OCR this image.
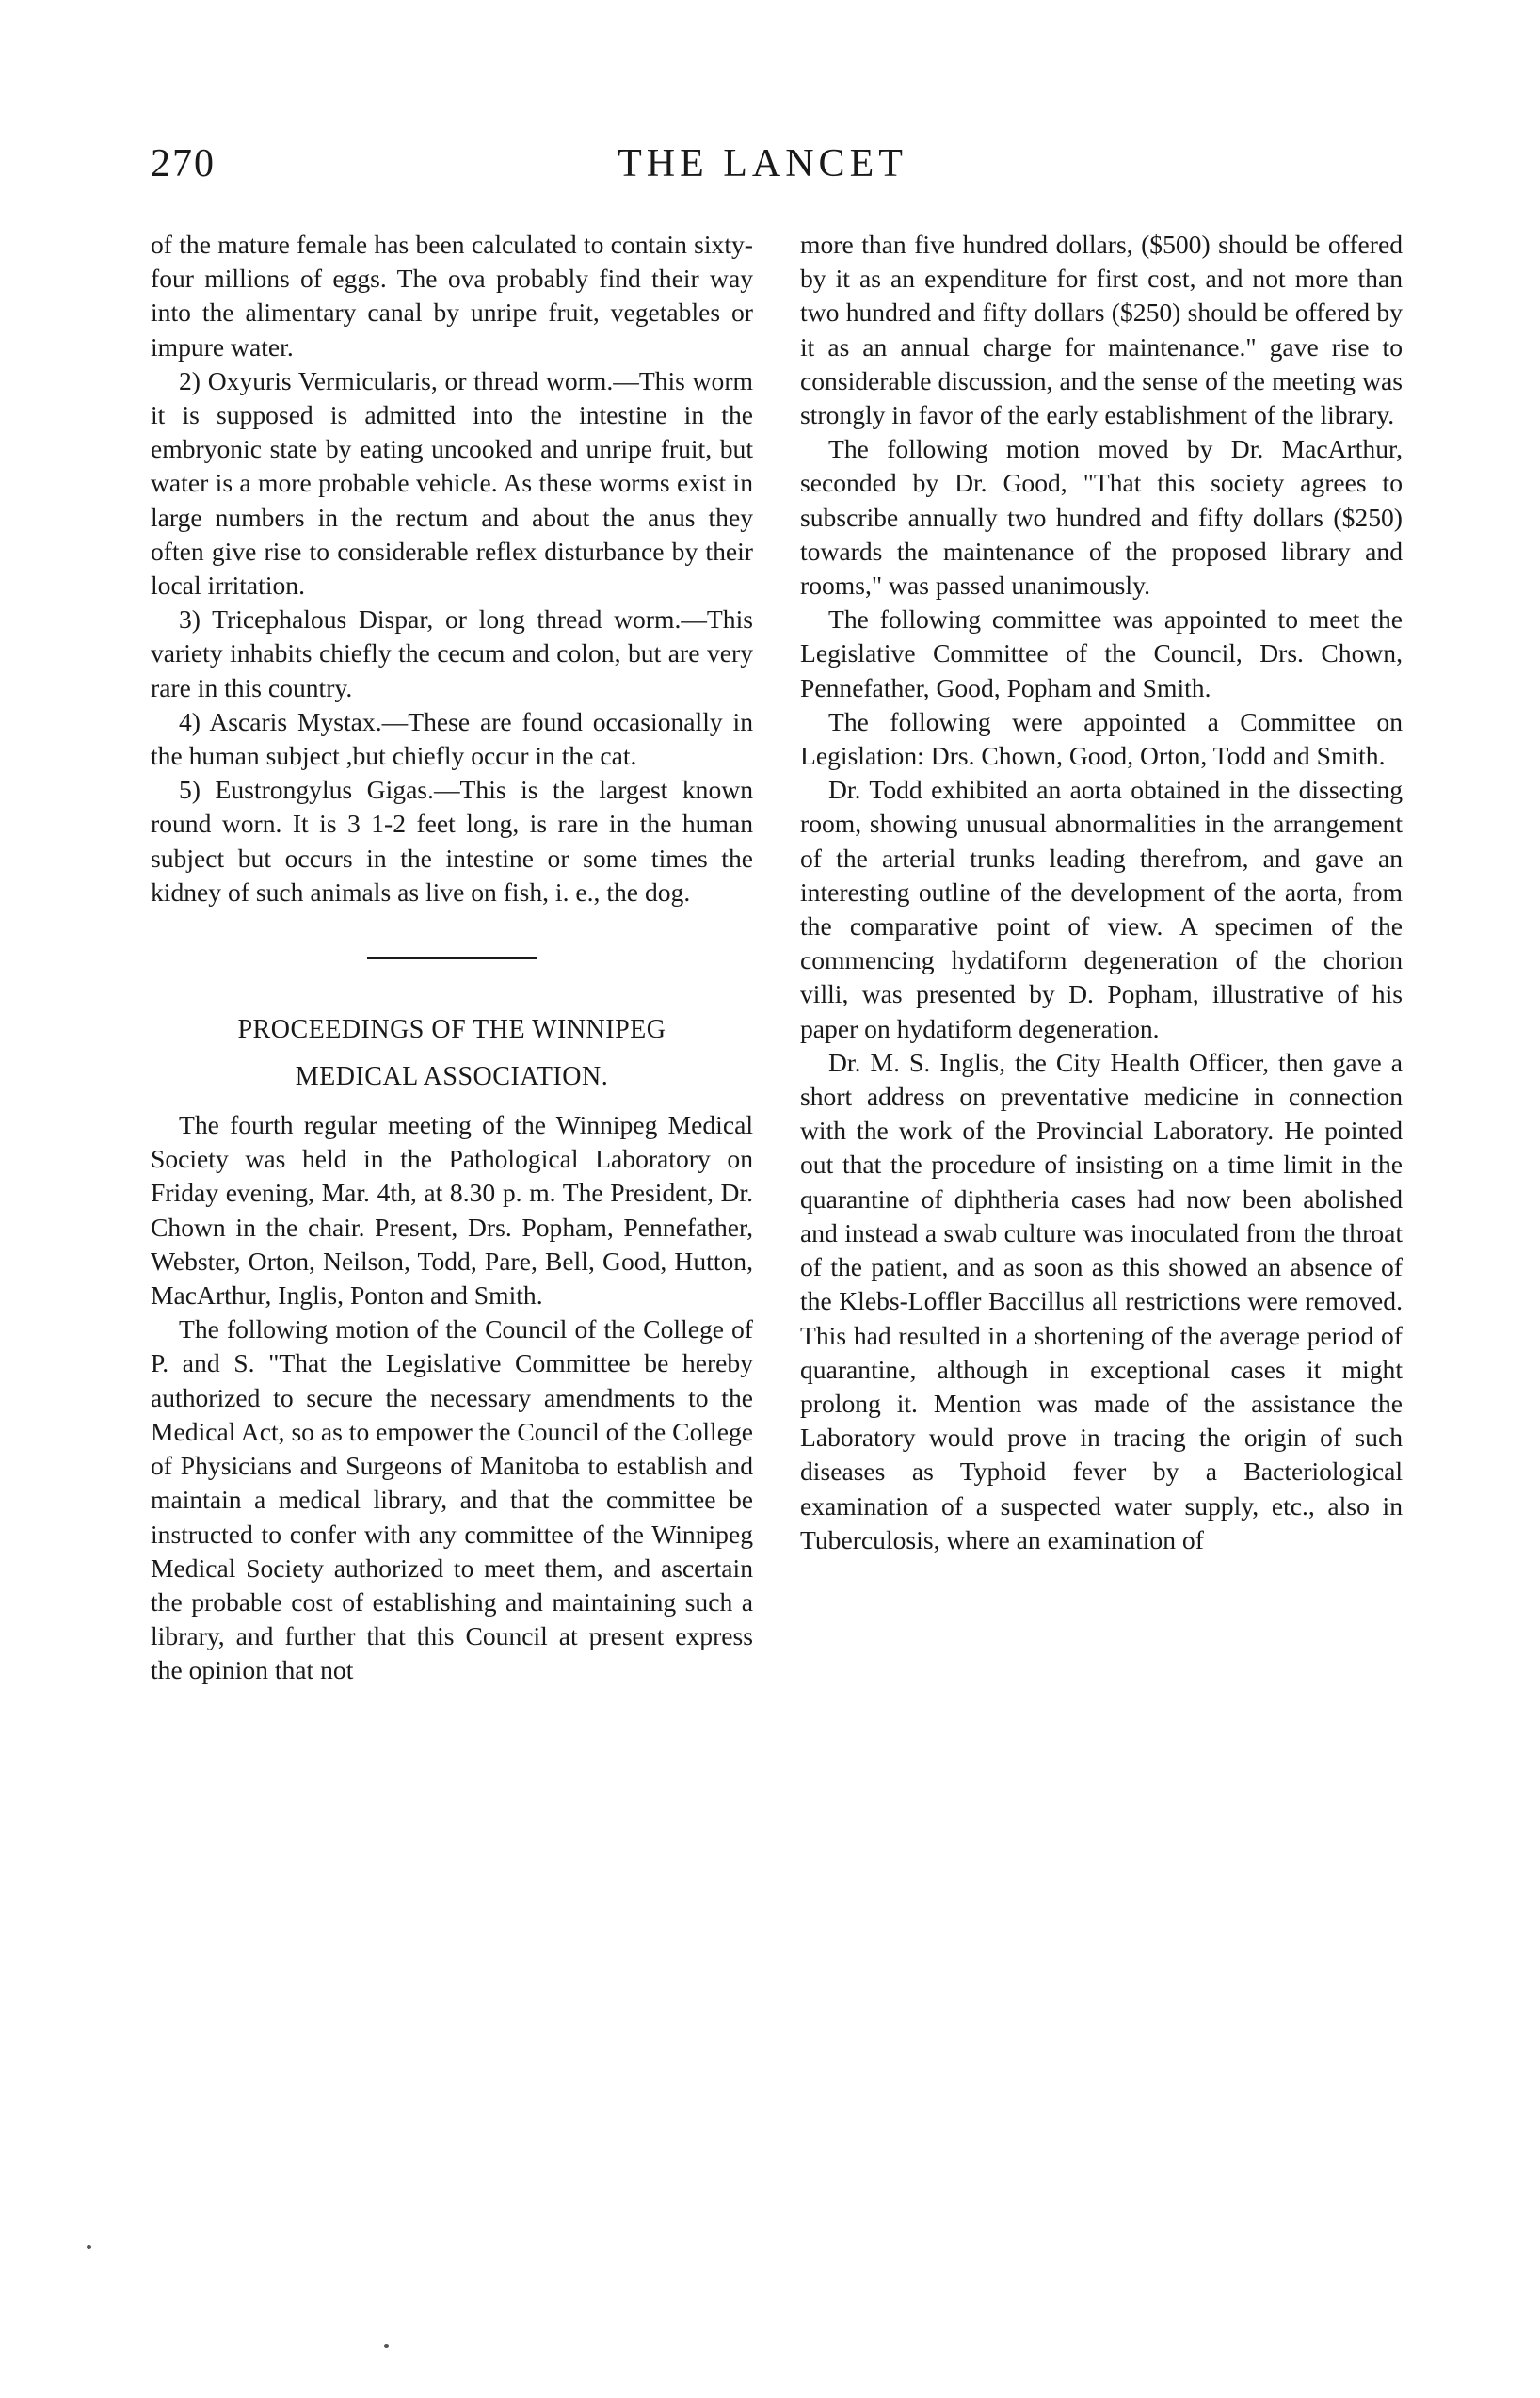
270	THE LANCET

of the mature female has been calculated to contain sixty-four millions of eggs. The ova probably find their way into the alimentary canal by unripe fruit, vegetables or impure water.

2) Oxyuris Vermicularis, or thread worm.—This worm it is supposed is admitted into the intestine in the embryonic state by eating uncooked and unripe fruit, but water is a more probable vehicle. As these worms exist in large numbers in the rectum and about the anus they often give rise to considerable reflex disturbance by their local irritation.

3) Tricephalous Dispar, or long thread worm.—This variety inhabits chiefly the cecum and colon, but are very rare in this country.

4) Ascaris Mystax.—These are found occasionally in the human subject ,but chiefly occur in the cat.

5) Eustrongylus Gigas.—This is the largest known round worn. It is 3 1-2 feet long, is rare in the human subject but occurs in the intestine or some times the kidney of such animals as live on fish, i. e., the dog.

PROCEEDINGS OF THE WINNIPEG
MEDICAL ASSOCIATION.

The fourth regular meeting of the Winnipeg Medical Society was held in the Pathological Laboratory on Friday evening, Mar. 4th, at 8.30 p. m. The President, Dr. Chown in the chair. Present, Drs. Popham, Pennefather, Webster, Orton, Neilson, Todd, Pare, Bell, Good, Hutton, MacArthur, Inglis, Ponton and Smith.

The following motion of the Council of the College of P. and S. "That the Legislative Committee be hereby authorized to secure the necessary amendments to the Medical Act, so as to empower the Council of the College of Physicians and Surgeons of Manitoba to establish and maintain a medical library, and that the committee be instructed to confer with any committee of the Winnipeg Medical Society authorized to meet them, and ascertain the probable cost of establishing and maintaining such a library, and further that this Council at present express the opinion that not

more than five hundred dollars, ($500) should be offered by it as an expenditure for first cost, and not more than two hundred and fifty dollars ($250) should be offered by it as an annual charge for maintenance." gave rise to considerable discussion, and the sense of the meeting was strongly in favor of the early establishment of the library.

The following motion moved by Dr. MacArthur, seconded by Dr. Good, "That this society agrees to subscribe annually two hundred and fifty dollars ($250) towards the maintenance of the proposed library and rooms," was passed unanimously.

The following committee was appointed to meet the Legislative Committee of the Council, Drs. Chown, Pennefather, Good, Popham and Smith.

The following were appointed a Committee on Legislation: Drs. Chown, Good, Orton, Todd and Smith.

Dr. Todd exhibited an aorta obtained in the dissecting room, showing unusual abnormalities in the arrangement of the arterial trunks leading therefrom, and gave an interesting outline of the development of the aorta, from the comparative point of view. A specimen of the commencing hydatiform degeneration of the chorion villi, was presented by D. Popham, illustrative of his paper on hydatiform degeneration.

Dr. M. S. Inglis, the City Health Officer, then gave a short address on preventative medicine in connection with the work of the Provincial Laboratory. He pointed out that the procedure of insisting on a time limit in the quarantine of diphtheria cases had now been abolished and instead a swab culture was inoculated from the throat of the patient, and as soon as this showed an absence of the Klebs-Loffler Baccillus all restrictions were removed. This had resulted in a shortening of the average period of quarantine, although in exceptional cases it might prolong it. Mention was made of the assistance the Laboratory would prove in tracing the origin of such diseases as Typhoid fever by a Bacteriological examination of a suspected water supply, etc., also in Tuberculosis, where an examination of
